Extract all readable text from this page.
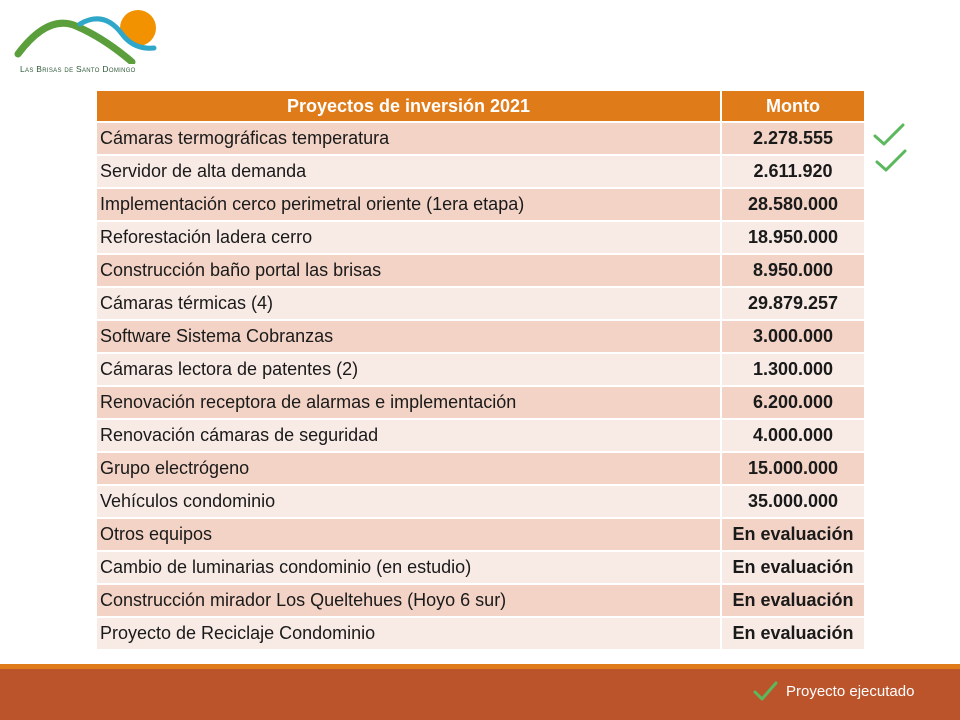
Las Brisas de Santo Domingo
Proyectos de inversión 2021	Monto
Cámaras termográficas temperatura	2.278.555
Servidor de alta demanda	2.611.920
Implementación cerco perimetral oriente (1era etapa)	28.580.000
Reforestación ladera cerro	18.950.000
Construcción baño portal las brisas	8.950.000
Cámaras térmicas (4)	29.879.257
Software Sistema Cobranzas	3.000.000
Cámaras lectora de patentes (2)	1.300.000
Renovación receptora de alarmas e implementación	6.200.000
Renovación cámaras de seguridad	4.000.000
Grupo electrógeno	15.000.000
Vehículos condominio	35.000.000
Otros equipos	En evaluación
Cambio de luminarias condominio (en estudio)	En evaluación
Construcción mirador Los Queltehues (Hoyo 6 sur)	En evaluación
Proyecto de Reciclaje Condominio	En evaluación
Proyecto ejecutado
